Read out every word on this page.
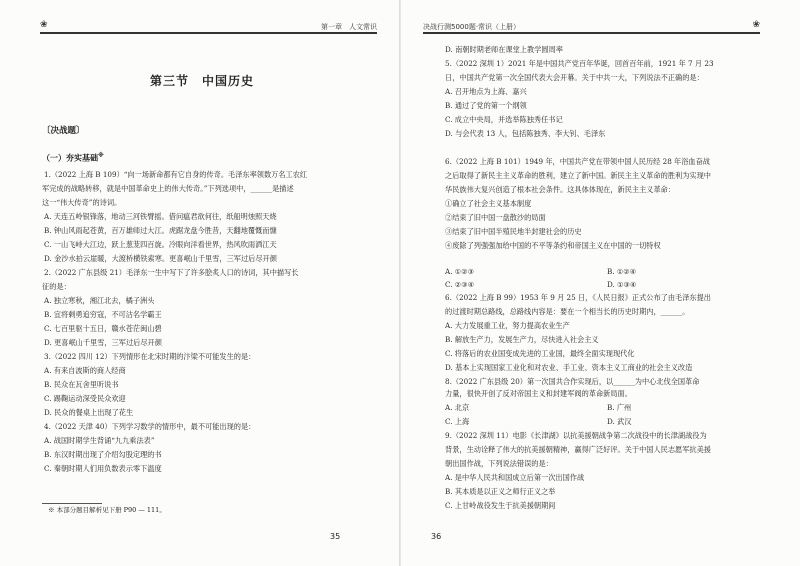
❀	第一章　人文常识
第三节　中国历史
〔决战题〕
（一）夯实基础※
1.（2022 上海 B 109）“向一场新命都有它自身的传奇。毛泽东率领数万名工农红
军完成的战略转移，就是中国革命史上的伟大传奇。”下列选项中，______是描述
这一“伟大传奇”的诗词。
A. 天连五岭银锋落，地动三河铁臂摇。借问瘟君欲何往，纸船明烛照天烧
B. 钟山风雨起苍黄，百万雄师过大江。虎踞龙盘今胜昔，天翻地覆慨而慷
C. 一山飞峙大江边，跃上葱茏四百旋。冷眼向洋看世界，热风吹雨洒江天
D. 金沙水拍云崖暖，大渡桥横铁索寒。更喜岷山千里雪，三军过后尽开颜
2.（2022 广东县级 21）毛泽东一生中写下了许多脍炙人口的诗词，其中描写长
征的是：
A. 独立寒秋，湘江北去，橘子洲头
B. 宜将剩勇追穷寇，不可沽名学霸王
C. 七百里驱十五日，赣水苍茫闽山碧
D. 更喜岷山千里雪，三军过后尽开颜
3.（2022 四川 12）下列情形在北宋时期的汴梁不可能发生的是：
A. 有来自波斯的商人经商
B. 民众在瓦舍里听说书
C. 踢鞠运动深受民众欢迎
D. 民众的餐桌上出现了花生
4.（2022 天津 40）下列学习数学的情形中，最不可能出现的是：
A. 战国时期学生背诵“九九乘法表”
B. 东汉时期出现了介绍勾股定理的书
C. 秦朝时期人们用负数表示零下温度
※ 本部分题目解析见下册 P90 — 111。
35
决战行测5000题·常识（上册）	❀
D. 南朝时期老师在课堂上教学圆周率
5.（2022 深圳 1）2021 年是中国共产党百年华诞，回首百年前，1921 年 7 月 23
日，中国共产党第一次全国代表大会开幕。关于中共一大，下列说法不正确的是：
A. 召开地点为上海、嘉兴
B. 通过了党的第一个纲领
C. 成立中央局，并选举陈独秀任书记
D. 与会代表 13 人，包括陈独秀、李大钊、毛泽东
6.（2022 上海 B 101）1949 年，中国共产党在带领中国人民历经 28 年浴血奋战
之后取得了新民主主义革命的胜利，建立了新中国。新民主主义革命的胜利为实现中
华民族伟大复兴创造了根本社会条件。这具体体现在，新民主主义革命：
①确立了社会主义基本制度
②结束了旧中国一盘散沙的局面
③结束了旧中国半殖民地半封建社会的历史
④废除了列强强加给中国的不平等条约和帝国主义在中国的一切特权
6.（2022 上海 B 99）1953 年 9 月 25 日，《人民日报》正式公布了由毛泽东提出
的过渡时期总路线，总路线内容是：要在一个相当长的历史时期内，______。
A. 大力发展重工业，努力提高农业生产
B. 解放生产力，发展生产力，尽快进入社会主义
C. 将落后的农业国变成先进的工业国，最终全面实现现代化
D. 基本上实现国家工业化和对农业、手工业、资本主义工商业的社会主义改造
8.（2022 广东县级 20）第一次国共合作实现后，以______为中心北伐全国革命
力量，很快开创了反对帝国主义和封建军阀的革命新局面。
9.（2022 深圳 11）电影《长津湖》以抗美援朝战争第二次战役中的长津湖战役为
背景，生动诠释了伟大的抗美援朝精神，赢得广泛好评。关于中国人民志愿军抗美援
朝出国作战，下列说法错误的是：
A. 是中华人民共和国成立后第一次出国作战
B. 其本质是以正义之师行正义之举
C. 上甘岭战役发生于抗美援朝期间
A. ①②③	B. ①②④
C. ②③④	D. ①③④
A. 北京	B. 广州
C. 上海	D. 武汉
36
